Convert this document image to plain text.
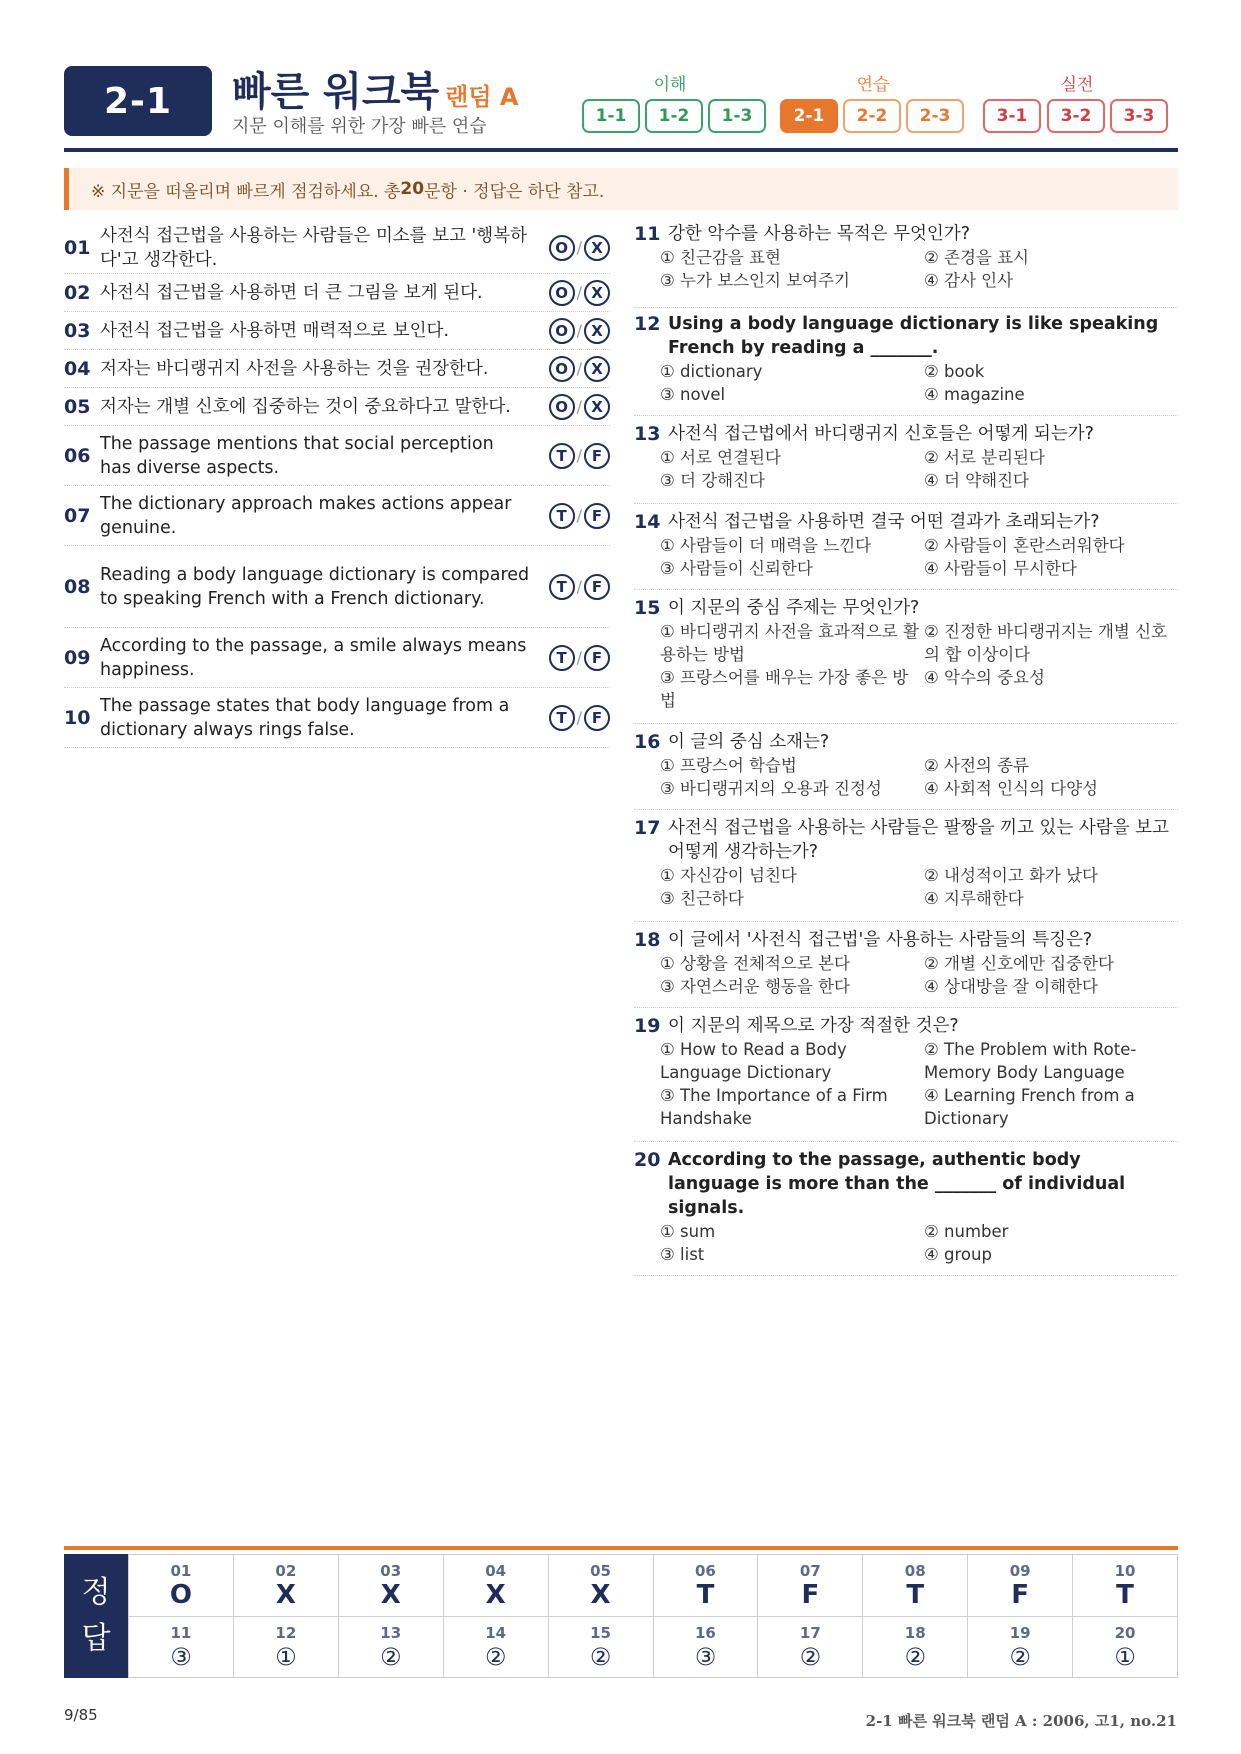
2-1	빠른 워크북 랜덤 A
지문 이해를 위한 가장 빠른 연습
이해	연습	실전
1-1	1-2	1-3	2-1	2-2	2-3	3-1	3-2	3-3
※ 지문을 떠올리며 빠르게 점검하세요. 총 20 문항 · 정답은 하단 참고.
01
사전식 접근법을 사용하는 사람들은 미소를 보고 '행복하다'고 생각한다.
O / X
02 사전식 접근법을 사용하면 더 큰 그림을 보게 된다.	O / X
03 사전식 접근법을 사용하면 매력적으로 보인다.	O / X
04 저자는 바디랭귀지 사전을 사용하는 것을 권장한다.	O / X
05 저자는 개별 신호에 집중하는 것이 중요하다고 말한다.	O / X
06
The passage mentions that social perception has diverse aspects.
T / F
07
The dictionary approach makes actions appear genuine.
T / F
08
Reading a body language dictionary is compared to speaking French with a French dictionary.
T / F
09
According to the passage, a smile always means happiness.
T / F
10
The passage states that body language from a dictionary always rings false.
T / F
11 강한 악수를 사용하는 목적은 무엇인가?
① 친근감을 표현	② 존경을 표시
③ 누가 보스인지 보여주기	④ 감사 인사
12 Using a body language dictionary is like speaking French by reading a _______.
① dictionary	② book
③ novel	④ magazine
13 사전식 접근법에서 바디랭귀지 신호들은 어떻게 되는가?
① 서로 연결된다	② 서로 분리된다
③ 더 강해진다	④ 더 약해진다
14 사전식 접근법을 사용하면 결국 어떤 결과가 초래되는가?
① 사람들이 더 매력을 느낀다	② 사람들이 혼란스러워한다
③ 사람들이 신뢰한다	④ 사람들이 무시한다
15 이 지문의 중심 주제는 무엇인가?
① 바디랭귀지 사전을 효과적으로 활용하는 방법
② 진정한 바디랭귀지는 개별 신호의 합 이상이다
③ 프랑스어를 배우는 가장 좋은 방법
④ 악수의 중요성
16 이 글의 중심 소재는?
① 프랑스어 학습법	② 사전의 종류
③ 바디랭귀지의 오용과 진정성	④ 사회적 인식의 다양성
17 사전식 접근법을 사용하는 사람들은 팔짱을 끼고 있는 사람을 보고 어떻게 생각하는가?
① 자신감이 넘친다	② 내성적이고 화가 났다
③ 친근하다	④ 지루해한다
18 이 글에서 '사전식 접근법'을 사용하는 사람들의 특징은?
① 상황을 전체적으로 본다	② 개별 신호에만 집중한다
③ 자연스러운 행동을 한다	④ 상대방을 잘 이해한다
19 이 지문의 제목으로 가장 적절한 것은?
① How to Read a Body Language Dictionary
② The Problem with Rote-Memory Body Language
③ The Importance of a Firm Handshake
④ Learning French from a Dictionary
20 According to the passage, authentic body language is more than the _______ of individual signals.
① sum	② number
③ list	④ group
정
답
01
O
02
X
03
X
04
X
05
X
06
T
07
F
08
T
09
F
10
T
11
③
12
①
13
②
14
②
15
②
16
③
17
②
18
②
19
②
20
①
9/85	2-1 빠른 워크북 랜덤 A : 2006, 고1, no.21
